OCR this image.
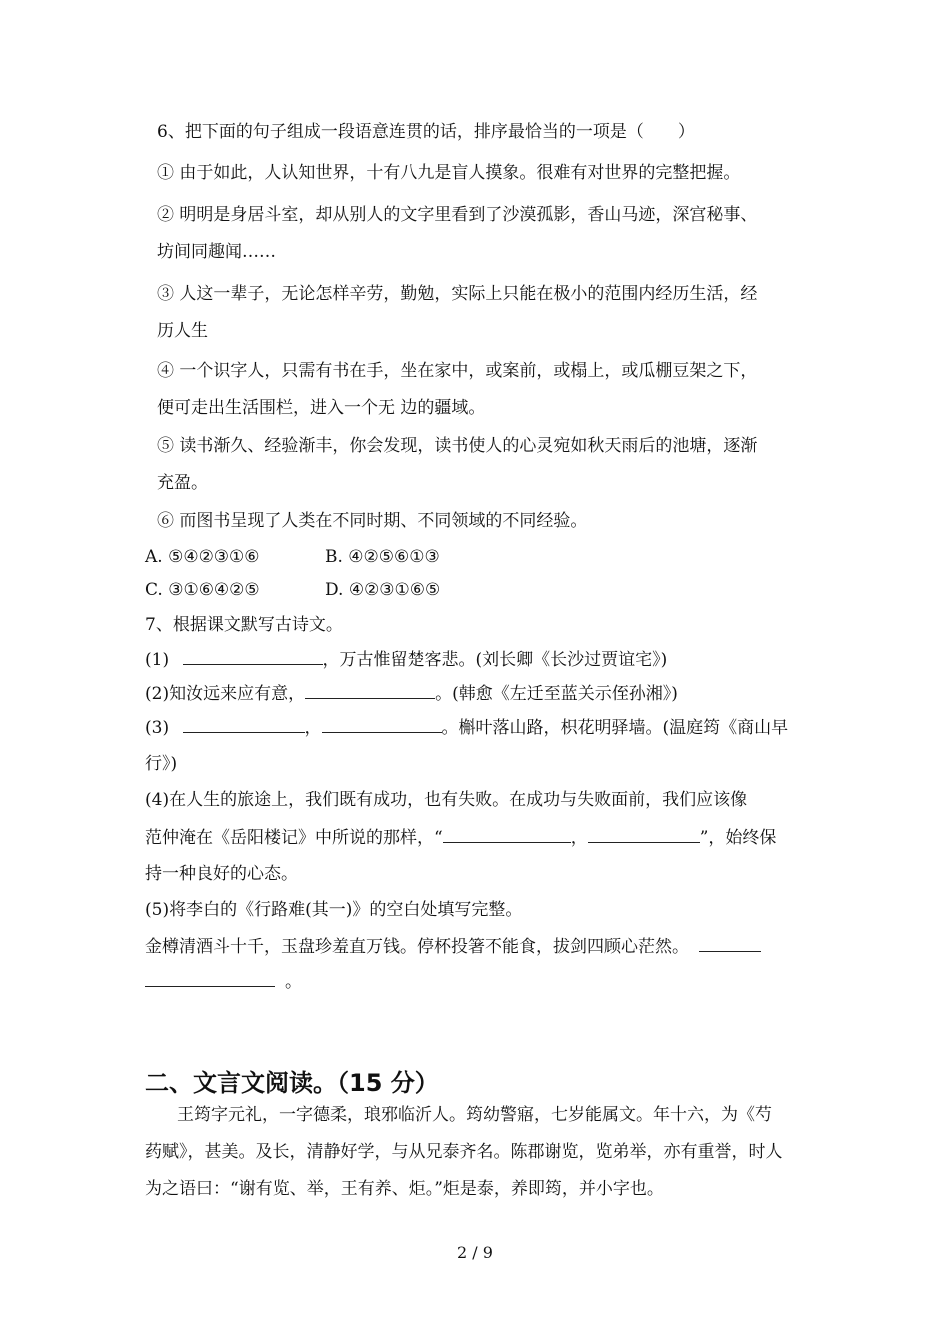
6、把下面的句子组成一段语意连贯的话，排序最恰当的一项是（　　）
① 由于如此，人认知世界，十有八九是盲人摸象。很难有对世界的完整把握。
② 明明是身居斗室，却从别人的文字里看到了沙漠孤影，香山马迹，深宫秘事、
坊间同趣闻……
③ 人这一辈子，无论怎样辛劳，勤勉，实际上只能在极小的范围内经历生活，经
历人生
④ 一个识字人，只需有书在手，坐在家中，或案前，或榻上，或瓜棚豆架之下，
便可走出生活围栏，进入一个无 边的疆域。
⑤ 读书渐久、经验渐丰，你会发现，读书使人的心灵宛如秋天雨后的池塘，逐渐
充盈。
⑥ 而图书呈现了人类在不同时期、不同领域的不同经验。
A. ⑤④②③①⑥	B. ④②⑤⑥①③
C. ③①⑥④②⑤	D. ④②③①⑥⑤
7、根据课文默写古诗文。
(1)	，万古惟留楚客悲。(刘长卿《长沙过贾谊宅》)
(2)知汝远来应有意，	。(韩愈《左迁至蓝关示侄孙湘》)
(3)	，	。槲叶落山路，枳花明驿墙。(温庭筠《商山早
行》)
(4)在人生的旅途上，我们既有成功，也有失败。在成功与失败面前，我们应该像
范仲淹在《岳阳楼记》中所说的那样，“	，	”，始终保
持一种良好的心态。
(5)将李白的《行路难(其一)》的空白处填写完整。
金樽清酒斗十千，玉盘珍羞直万钱。停杯投箸不能食，拔剑四顾心茫然。
。
二、文言文阅读。（15 分）
王筠字元礼，一字德柔，琅邪临沂人。筠幼警寤，七岁能属文。年十六，为《芍
药赋》，甚美。及长，清静好学，与从兄泰齐名。陈郡谢览，览弟举，亦有重誉，时人
为之语曰：“谢有览、举，王有养、炬。”炬是泰，养即筠，并小字也。
2 / 9
